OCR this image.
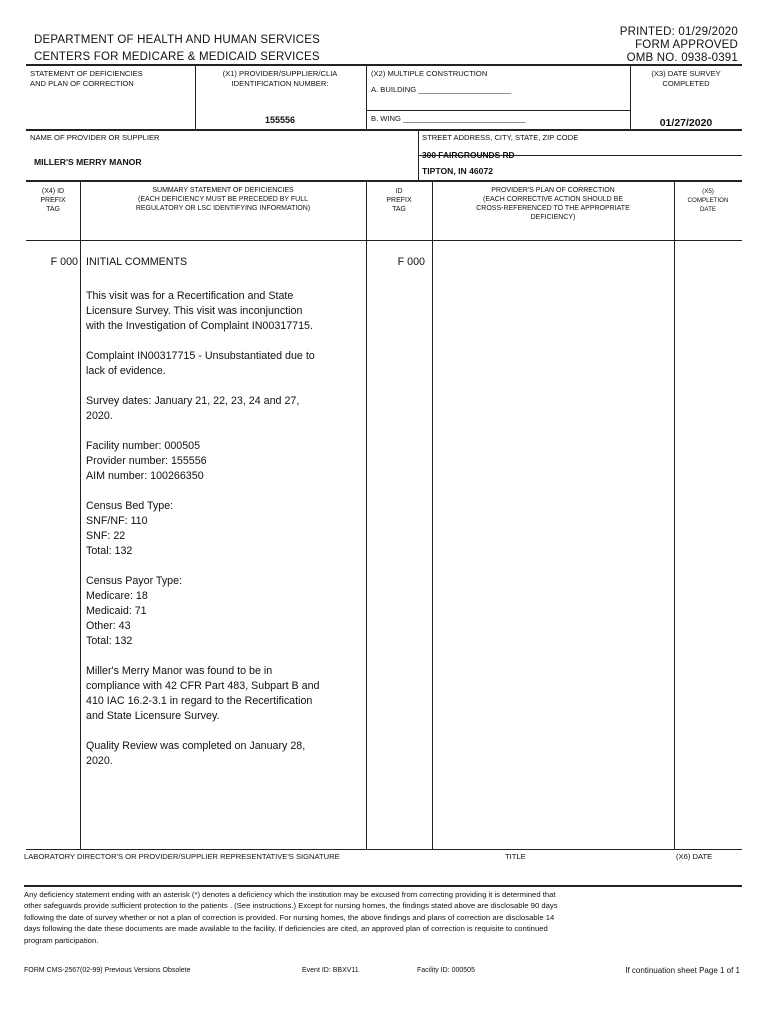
DEPARTMENT OF HEALTH AND HUMAN SERVICES
CENTERS FOR MEDICARE & MEDICAID SERVICES
PRINTED: 01/29/2020
FORM APPROVED
OMB NO. 0938-0391
STATEMENT OF DEFICIENCIES
AND PLAN OF CORRECTION
(X1) PROVIDER/SUPPLIER/CLIA
IDENTIFICATION NUMBER:
155556
(X2) MULTIPLE CONSTRUCTION
A. BUILDING ______________________
B. WING _____________________________
(X3) DATE SURVEY
COMPLETED
01/27/2020
NAME OF PROVIDER OR SUPPLIER
MILLER'S MERRY MANOR
STREET ADDRESS, CITY, STATE, ZIP CODE
300 FAIRGROUNDS RD
TIPTON, IN 46072
(X4) ID
PREFIX
TAG
SUMMARY STATEMENT OF DEFICIENCIES
(EACH DEFICIENCY MUST BE PRECEDED BY FULL
REGULATORY OR LSC IDENTIFYING INFORMATION)
ID
PREFIX
TAG
PROVIDER'S PLAN OF CORRECTION
(EACH CORRECTIVE ACTION SHOULD BE
CROSS-REFERENCED TO THE APPROPRIATE
DEFICIENCY)
(X5)
COMPLETION
DATE
F 000 INITIAL COMMENTS	F 000

This visit was for a Recertification and State
Licensure Survey. This visit was inconjunction
with the Investigation of Complaint IN00317715.

Complaint IN00317715 - Unsubstantiated due to
lack of evidence.

Survey dates: January 21, 22, 23, 24 and 27,
2020.

Facility number: 000505
Provider number: 155556
AIM number: 100266350

Census Bed Type:
SNF/NF: 110
SNF: 22
Total: 132

Census Payor Type:
Medicare: 18
Medicaid: 71
Other: 43
Total: 132

Miller's Merry Manor was found to be in
compliance with 42 CFR Part 483, Subpart B and
410 IAC 16.2-3.1 in regard to the Recertification
and State Licensure Survey.

Quality Review was completed on January 28,
2020.

LABORATORY DIRECTOR'S OR PROVIDER/SUPPLIER REPRESENTATIVE'S SIGNATURE	TITLE	(X6) DATE
Any deficiency statement ending with an asterisk (*) denotes a deficiency which the institution may be excused from correcting providing it is determined that
other safeguards provide sufficient protection to the patients . (See instructions.) Except for nursing homes, the findings stated above are disclosable 90 days
following the date of survey whether or not a plan of correction is provided. For nursing homes, the above findings and plans of correction are disclosable 14
days following the date these documents are made available to the facility. If deficiencies are cited, an approved plan of correction is requisite to continued
program participation.
FORM CMS-2567(02-99) Previous Versions Obsolete	Event ID: BBXV11	Facility ID: 000505	If continuation sheet Page 1 of 1
